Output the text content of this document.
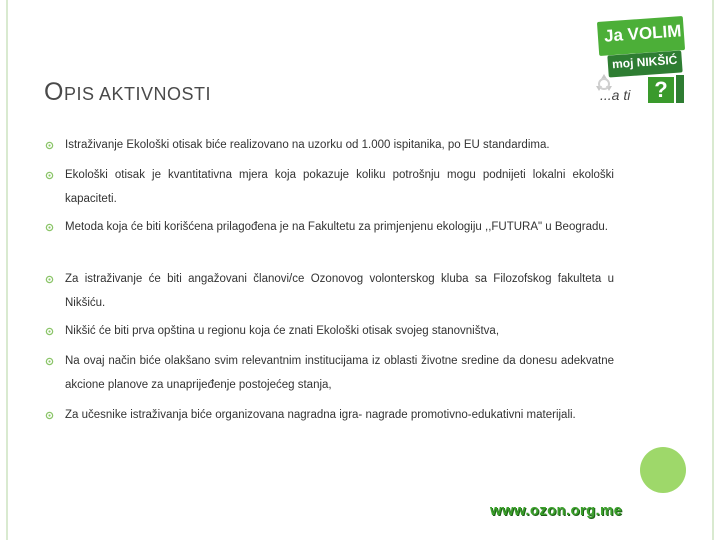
OPIS AKTIVNOSTI
Ja VOLIM
moj NIKŠIĆ
...a ti ?
Istraživanje Ekološki otisak biće realizovano na uzorku od 1.000 ispitanika, po EU standardima.
Ekološki otisak je kvantitativna mjera koja pokazuje koliku potrošnju mogu podnijeti lokalni ekološki kapaciteti.
Metoda koja će biti korišćena prilagođena je na Fakultetu za primjenjenu ekologiju ,,FUTURA" u Beogradu.
Za istraživanje će biti angažovani članovi/ce Ozonovog volonterskog kluba sa Filozofskog fakulteta u Nikšiću.
Nikšić će biti prva opština u regionu koja će znati Ekološki otisak svojeg stanovništva,
Na ovaj način biće olakšano svim relevantnim institucijama iz oblasti životne sredine da donesu adekvatne akcione planove za unaprijeđenje postojećeg stanja,
Za učesnike istraživanja biće organizovana nagradna igra- nagrade promotivno-edukativni materijali.
www.ozon.org.me
